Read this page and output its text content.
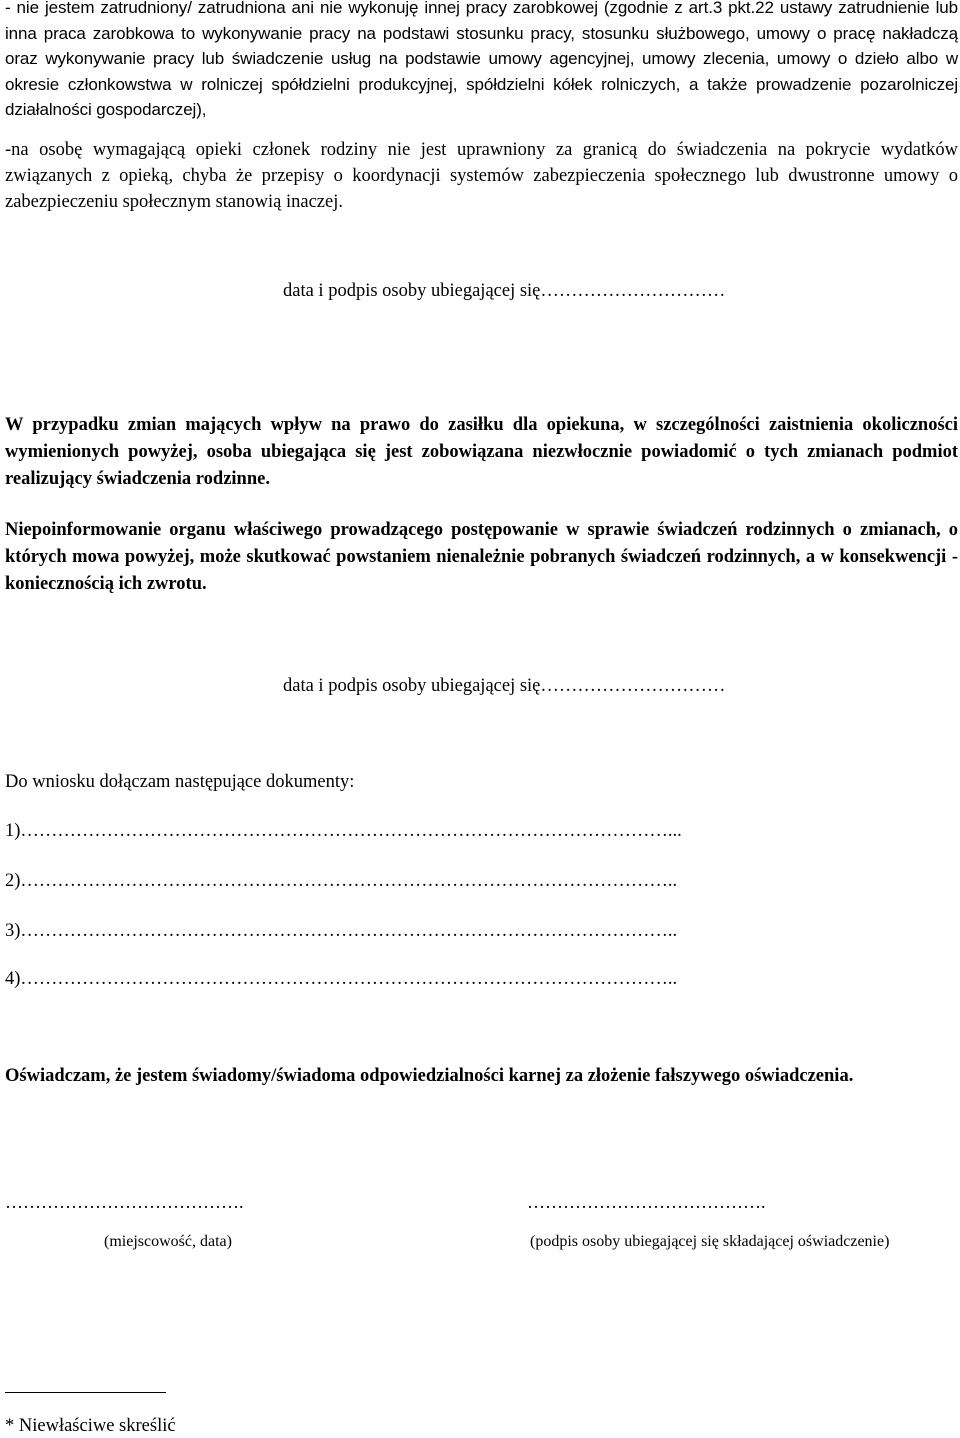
- nie jestem zatrudniony/ zatrudniona ani nie wykonuję innej pracy zarobkowej (zgodnie z art.3 pkt.22 ustawy zatrudnienie lub inna praca zarobkowa to wykonywanie pracy na podstawi stosunku pracy, stosunku służbowego, umowy o pracę nakładczą oraz wykonywanie pracy lub świadczenie usług na podstawie umowy agencyjnej, umowy zlecenia, umowy o dzieło albo w okresie członkowstwa w rolniczej spółdzielni produkcyjnej, spółdzielni kółek rolniczych, a także prowadzenie pozarolniczej działalności gospodarczej),
-na osobę wymagającą opieki członek rodziny nie jest uprawniony za granicą do świadczenia na pokrycie wydatków związanych z opieką, chyba że przepisy o koordynacji systemów zabezpieczenia społecznego lub dwustronne umowy o zabezpieczeniu społecznym stanowią inaczej.
data i podpis osoby ubiegającej się…………………………
W przypadku zmian mających wpływ na prawo do zasiłku dla opiekuna, w szczególności zaistnienia okoliczności wymienionych powyżej, osoba ubiegająca się jest zobowiązana niezwłocznie powiadomić o tych zmianach podmiot realizujący świadczenia rodzinne.
Niepoinformowanie organu właściwego prowadzącego postępowanie w sprawie świadczeń rodzinnych o zmianach, o których mowa powyżej, może skutkować powstaniem nienależnie pobranych świadczeń rodzinnych, a w konsekwencji - koniecznością ich zwrotu.
data i podpis osoby ubiegającej się…………………………
Do wniosku dołączam następujące dokumenty:
1)……………………………………………………………………………………………...
2)……………………………………………………………………………………………..
3)……………………………………………………………………………………………..
4)……………………………………………………………………………………………..
Oświadczam, że jestem świadomy/świadoma odpowiedzialności karnej za złożenie fałszywego oświadczenia.
………………………………….	………………………………….
(miejscowość, data)	(podpis osoby ubiegającej się składającej oświadczenie)
* Niewłaściwe skreślić
